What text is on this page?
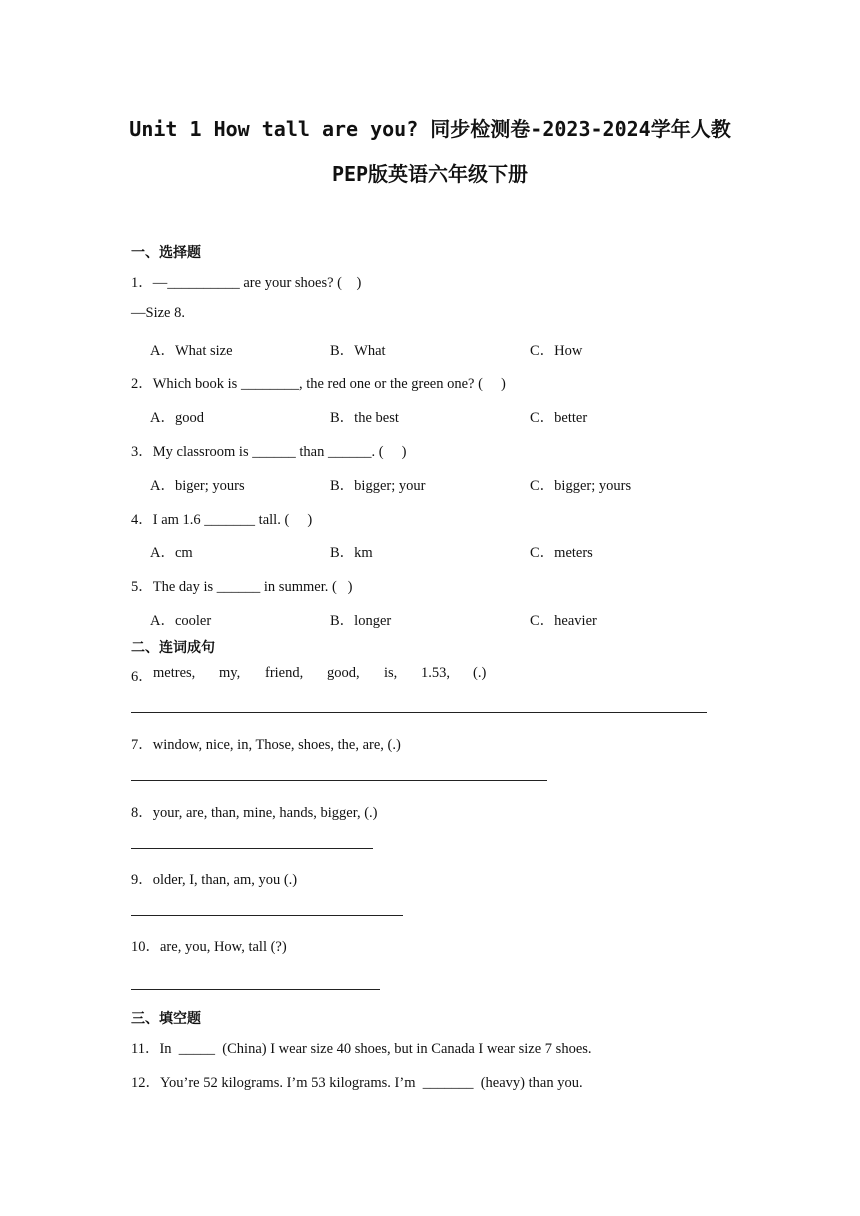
Unit 1 How tall are you? 同步检测卷-2023-2024学年人教
PEP版英语六年级下册
一、选择题
1．—__________ are your shoes? (    )
—Size 8.
A．What size	B．What	C．How
2．Which book is ________, the red one or the green one? (     )
A．good	B．the best	C．better
3．My classroom is ______ than ______. (     )
A．biger; yours	B．bigger; your	C．bigger; yours
4．I am 1.6 _______ tall. (     )
A．cm	B．km	C．meters
5．The day is ______ in summer. (   )
A．cooler	B．longer	C．heavier
二、连词成句
6． metres,	my,	friend,	good,	is,	1.53,	(.)
7．window, nice, in, Those, shoes, the, are, (.)
8．your, are, than, mine, hands, bigger, (.)
9．older, I, than, am, you (.)
10．are, you, How, tall (?)
三、填空题
11．In  _____  (China) I wear size 40 shoes, but in Canada I wear size 7 shoes.
12．You’re 52 kilograms. I’m 53 kilograms. I’m  _______  (heavy) than you.
